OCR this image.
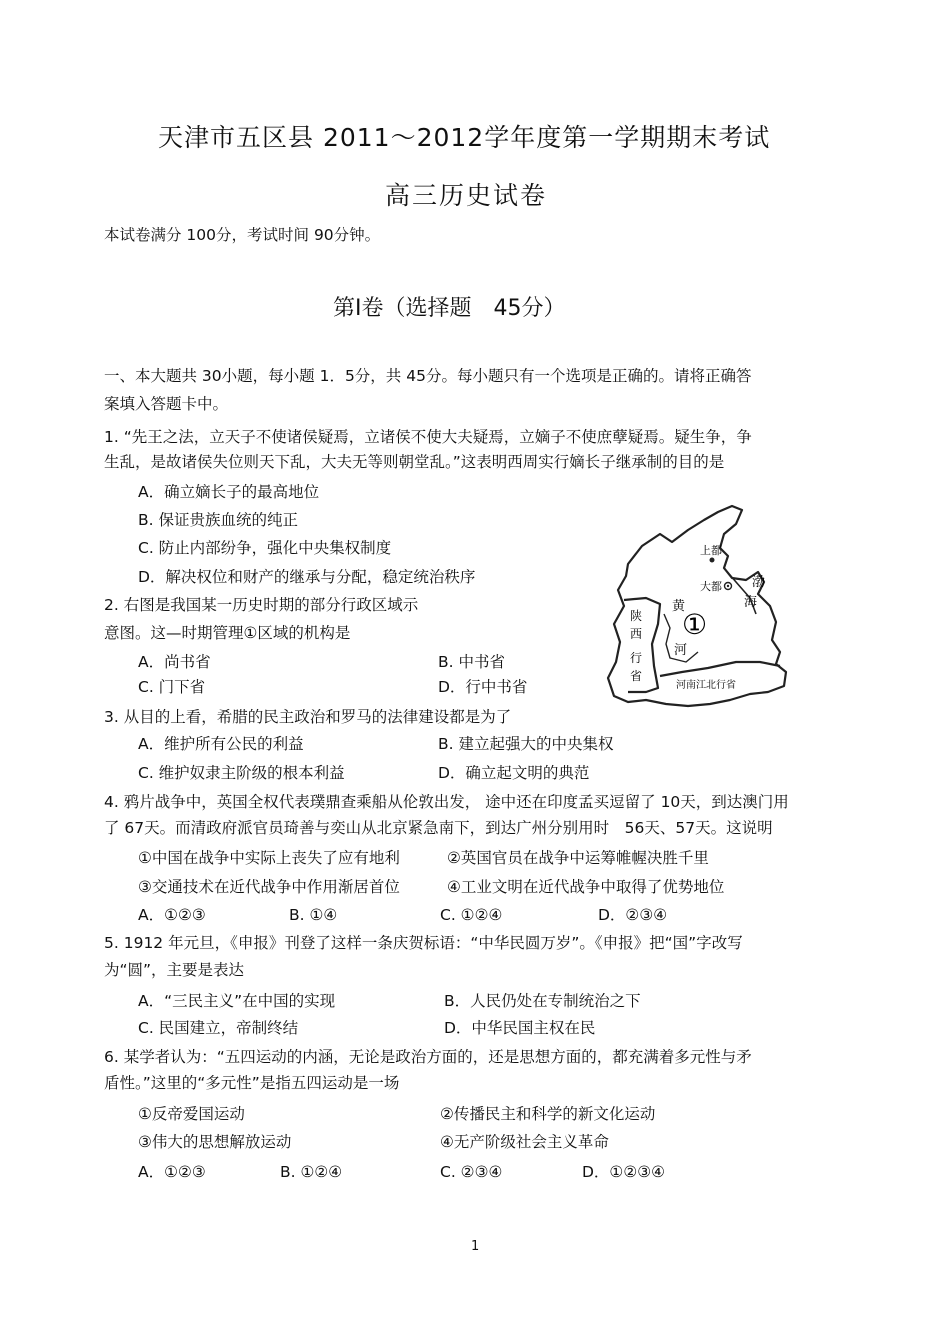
天津市五区县 2011～2012学年度第一学期期末考试
高三历史试卷
本试卷满分 100分，考试时间 90分钟。
第Ⅰ卷（选择题　45分）
一、本大题共 30小题，每小题 1．5分，共 45分。每小题只有一个选项是正确的。请将正确答
案填入答题卡中。
1. “先王之法，立天子不使诸侯疑焉，立诸侯不使大夫疑焉，立嫡子不使庶孽疑焉。疑生争，争
生乱，是故诸侯失位则天下乱，大夫无等则朝堂乱。”这表明西周实行嫡长子继承制的目的是
A．确立嫡长子的最高地位
B. 保证贵族血统的纯正
C. 防止内部纷争，强化中央集权制度
D．解决权位和财产的继承与分配，稳定统治秩序
2. 右图是我国某一历史时期的部分行政区域示
意图。这—时期管理①区域的机构是
A．尚书省	B. 中书省
C. 门下省	D．行中书省
上都
大都 渤
海
黄
河
①
陕
西
行
省
河南江北行省
3. 从目的上看，希腊的民主政治和罗马的法律建设都是为了
A．维护所有公民的利益	B. 建立起强大的中央集权
C. 维护奴隶主阶级的根本利益	D．确立起文明的典范
4. 鸦片战争中，英国全权代表璞鼎查乘船从伦敦出发， 途中还在印度孟买逗留了 10天，到达澳门用
了 67天。而清政府派官员琦善与奕山从北京紧急南下，到达广州分别用时　56天、57天。这说明
①中国在战争中实际上丧失了应有地利	②英国官员在战争中运筹帷幄决胜千里
③交通技术在近代战争中作用渐居首位	④工业文明在近代战争中取得了优势地位
A．①②③	B. ①④	C. ①②④	D．②③④
5. 1912 年元旦，《申报》刊登了这样一条庆贺标语：“中华民圆万岁”。《申报》把“国”字改写
为“圆”，主要是表达
A．“三民主义”在中国的实现	B．人民仍处在专制统治之下
C. 民国建立，帝制终结	D．中华民国主权在民
6. 某学者认为：“五四运动的内涵，无论是政治方面的，还是思想方面的，都充满着多元性与矛
盾性。”这里的“多元性”是指五四运动是一场
①反帝爱国运动	②传播民主和科学的新文化运动
③伟大的思想解放运动	④无产阶级社会主义革命
A．①②③	B. ①②④	C. ②③④	D．①②③④
1
